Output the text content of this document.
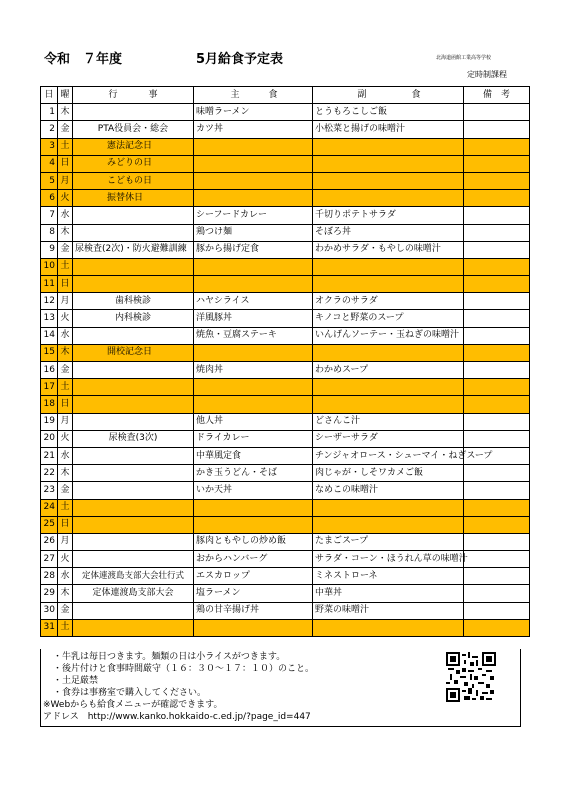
令和　７年度	5月給食予定表	北海道函館工業高等学校
定時制課程
日	曜	行 事	主 食	副 食	備　考
1	木		味噌ラーメン	とうもろこしご飯	
2	金	PTA役員会・総会	カツ丼	小松菜と揚げの味噌汁	
3	土	憲法記念日			
4	日	みどりの日			
5	月	こどもの日			
6	火	振替休日			
7	水		シーフードカレー	千切りポテトサラダ	
8	木		鶏つけ麺	そぼろ丼	
9	金	尿検査(2次)・防火避難訓練	豚から揚げ定食	わかめサラダ・もやしの味噌汁	
10	土				
11	日				
12	月	歯科検診	ハヤシライス	オクラのサラダ	
13	火	内科検診	洋風豚丼	キノコと野菜のスープ	
14	水		焼魚・豆腐ステーキ	いんげんソーテー・玉ねぎの味噌汁	
15	木	開校記念日			
16	金		焼肉丼	わかめスープ	
17	土				
18	日				
19	月		他人丼	どさんこ汁	
20	火	尿検査(3次)	ドライカレー	シーザーサラダ	
21	水		中華風定食	チンジャオロース・シューマイ・ねぎスープ	
22	木		かき玉うどん・そば	肉じゃが・しそワカメご飯	
23	金		いか天丼	なめこの味噌汁	
24	土				
25	日				
26	月		豚肉ともやしの炒め飯	たまごスープ	
27	火		おからハンバーグ	サラダ・コーン・ほうれん草の味噌汁	
28	水	定体連渡島支部大会壮行式	エスカロップ	ミネストローネ	
29	木	定体連渡島支部大会	塩ラーメン	中華丼	
30	金		鶏の甘辛揚げ丼	野菜の味噌汁	
31	土				
・牛乳は毎日つきます。麺類の日は小ライスがつきます。
・後片付けと食事時間厳守（１６：３０～１７：１０）のこと。
・土足厳禁
・食券は事務室で購入してください。
※Webからも給食メニューが確認できます。
アドレス　http://www.kanko.hokkaido-c.ed.jp/?page_id=447
